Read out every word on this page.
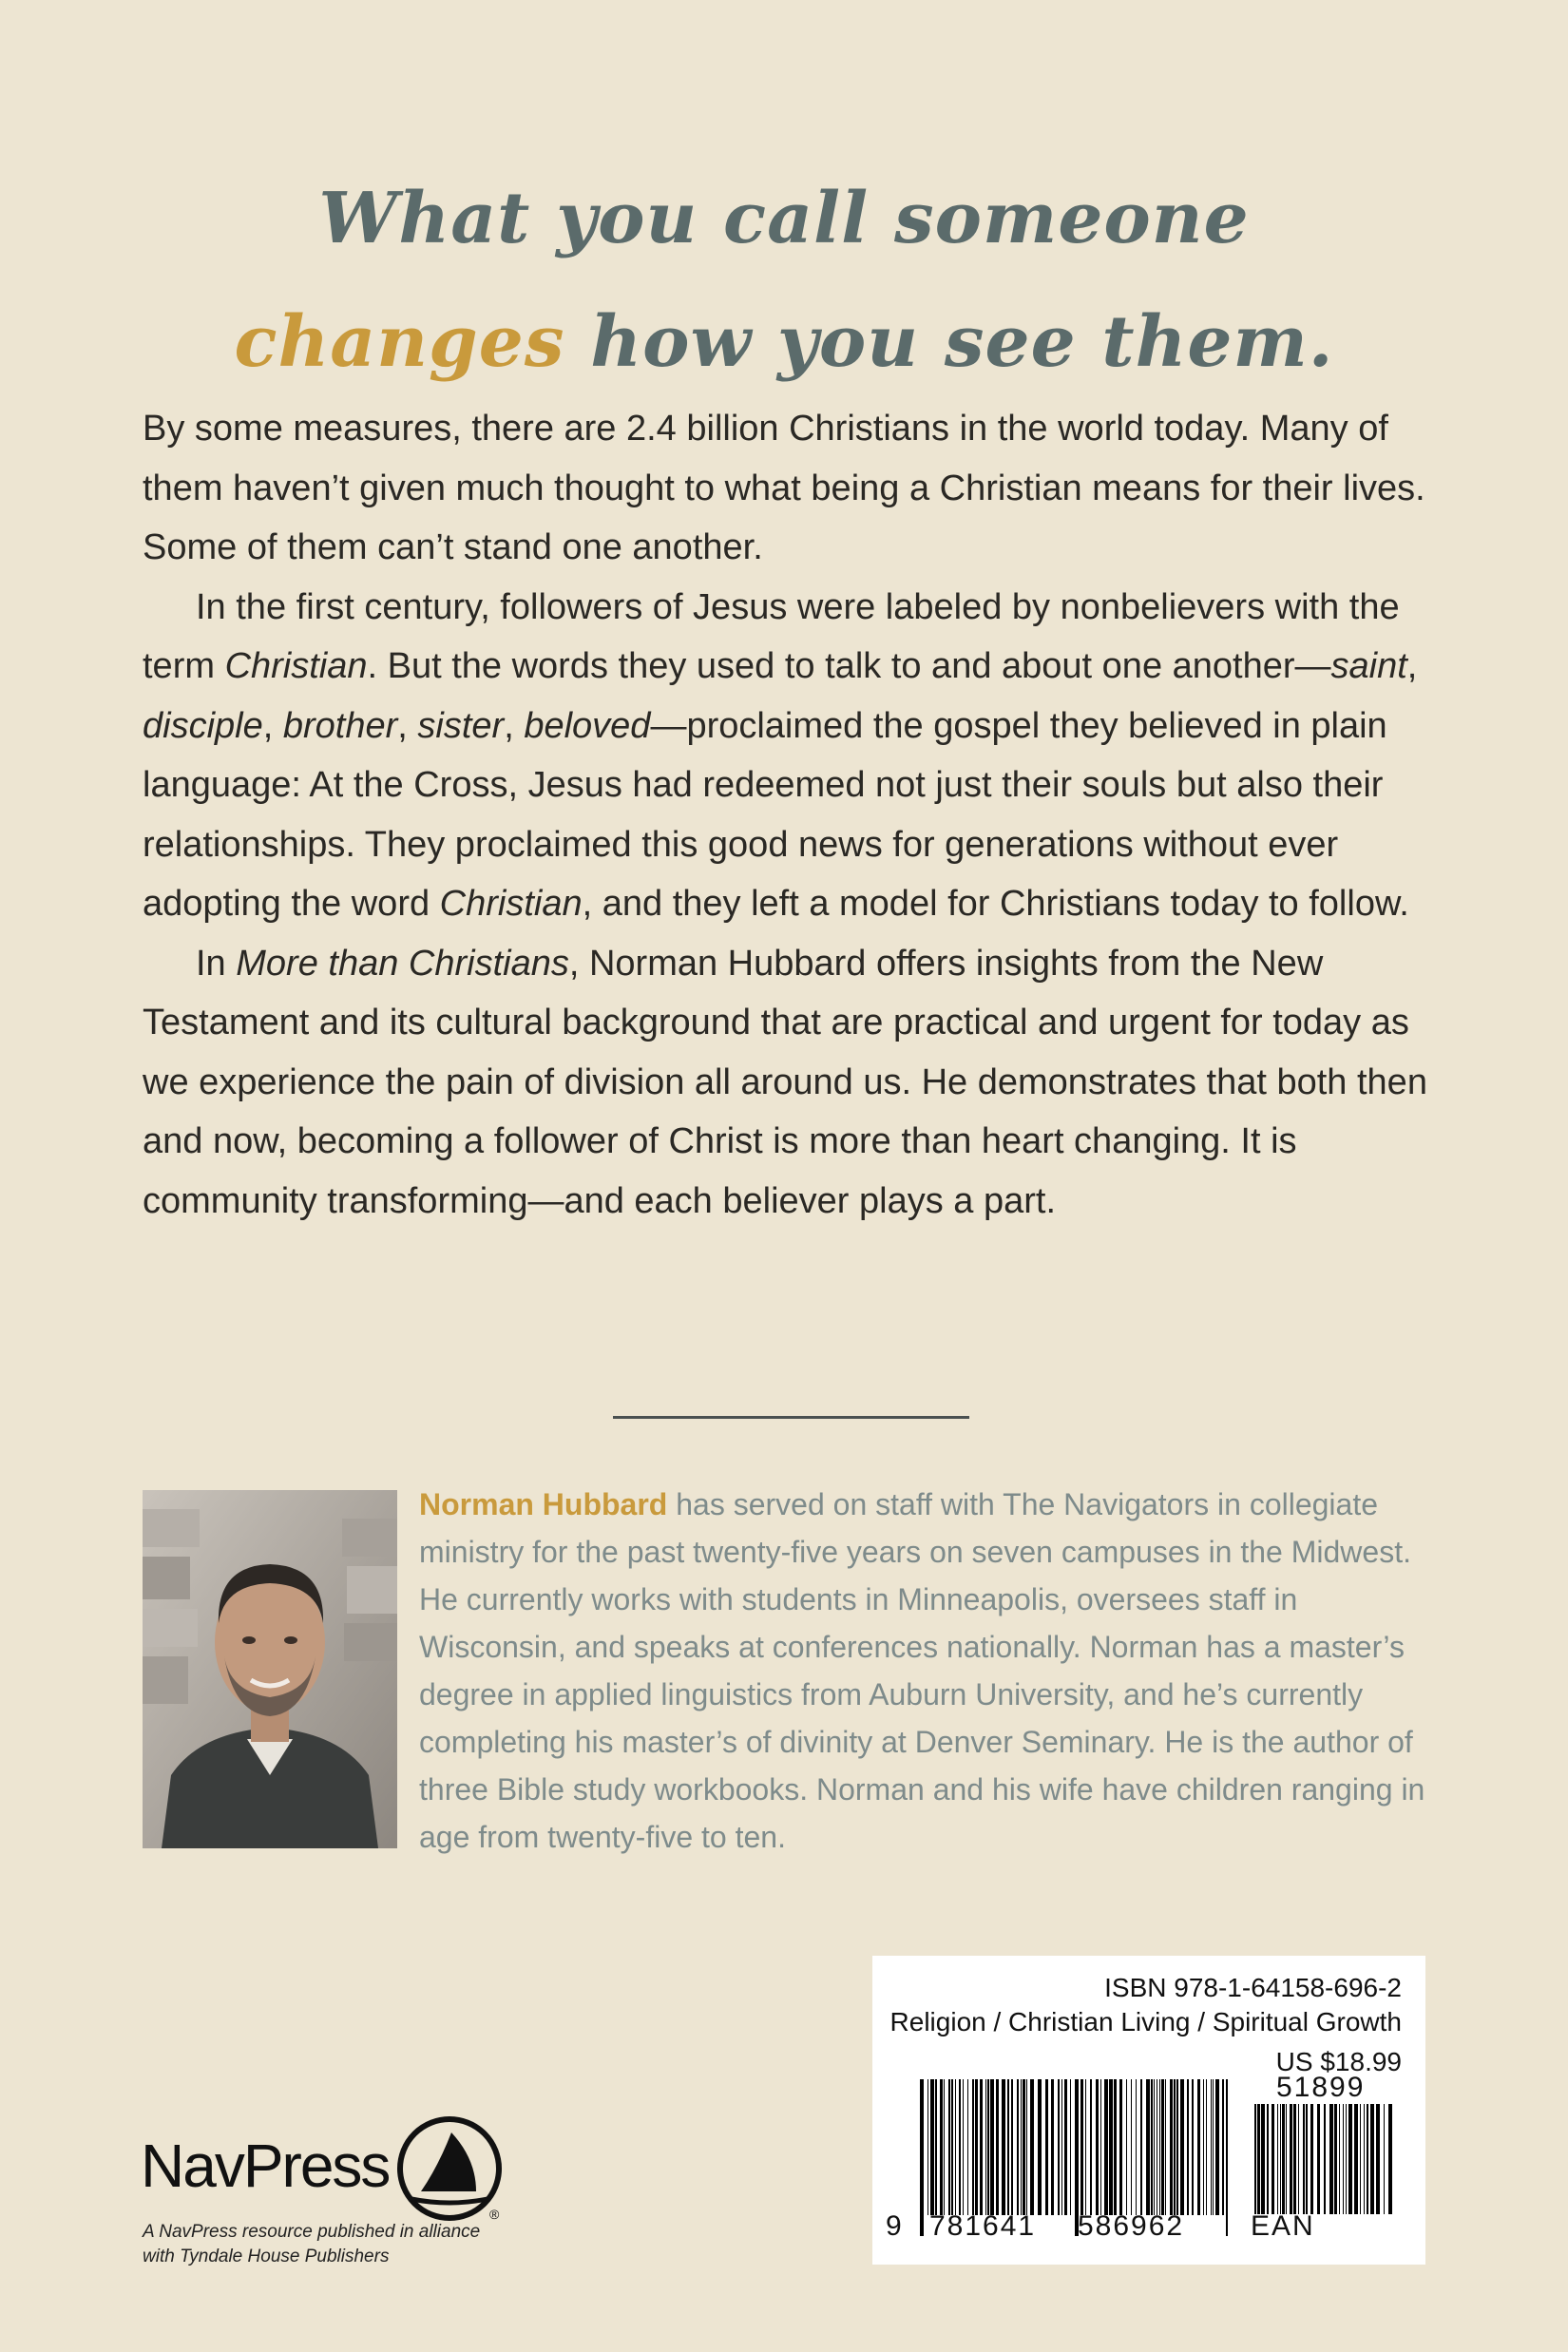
What you call someone
changes how you see them.

By some measures, there are 2.4 billion Christians in the world today. Many of them haven’t given much thought to what being a Christian means for their lives. Some of them can’t stand one another.

In the first century, followers of Jesus were labeled by nonbelievers with the term Christian. But the words they used to talk to and about one another—saint, disciple, brother, sister, beloved—proclaimed the gospel they believed in plain language: At the Cross, Jesus had redeemed not just their souls but also their relationships. They proclaimed this good news for generations without ever adopting the word Christian, and they left a model for Christians today to follow.

In More than Christians, Norman Hubbard offers insights from the New Testament and its cultural background that are practical and urgent for today as we experience the pain of division all around us. He demonstrates that both then and now, becoming a follower of Christ is more than heart changing. It is community transforming—and each believer plays a part.

Norman Hubbard has served on staff with The Navigators in collegiate ministry for the past twenty-five years on seven campuses in the Midwest. He currently works with students in Minneapolis, oversees staff in Wisconsin, and speaks at conferences nationally. Norman has a master’s degree in applied linguistics from Auburn University, and he’s currently completing his master’s of divinity at Denver Seminary. He is the author of three Bible study workbooks. Norman and his wife have children ranging in age from twenty-five to ten.
ISBN 978-1-64158-696-2
Religion / Christian Living / Spiritual Growth
US $18.99
51899
9 781641 586962 EAN
NavPress
®
A NavPress resource published in alliance
with Tyndale House Publishers
